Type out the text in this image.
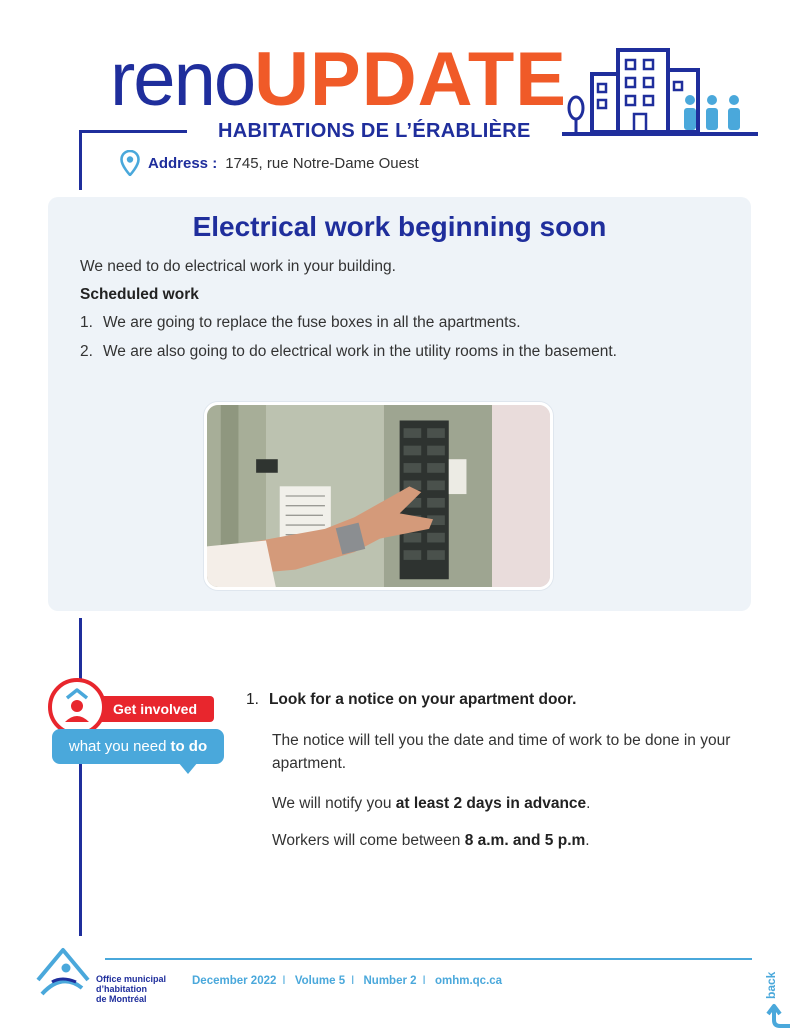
renoUPDATE
HABITATIONS DE L’ÉRABLIÈRE
Address : 1745, rue Notre-Dame Ouest
Electrical work beginning soon
We need to do electrical work in your building.
Scheduled work
1. We are going to replace the fuse boxes in all the apartments.
2. We are also going to do electrical work in the utility rooms in the basement.
Get involved
what you need to do
1. Look for a notice on your apartment door.
The notice will tell you the date and time of work to be done in your apartment.
We will notify you at least 2 days in advance.
Workers will come between 8 a.m. and 5 p.m.
Office municipal
d’habitation
de Montréal
December 2022 I Volume 5 I Number 2 I omhm.qc.ca	back
